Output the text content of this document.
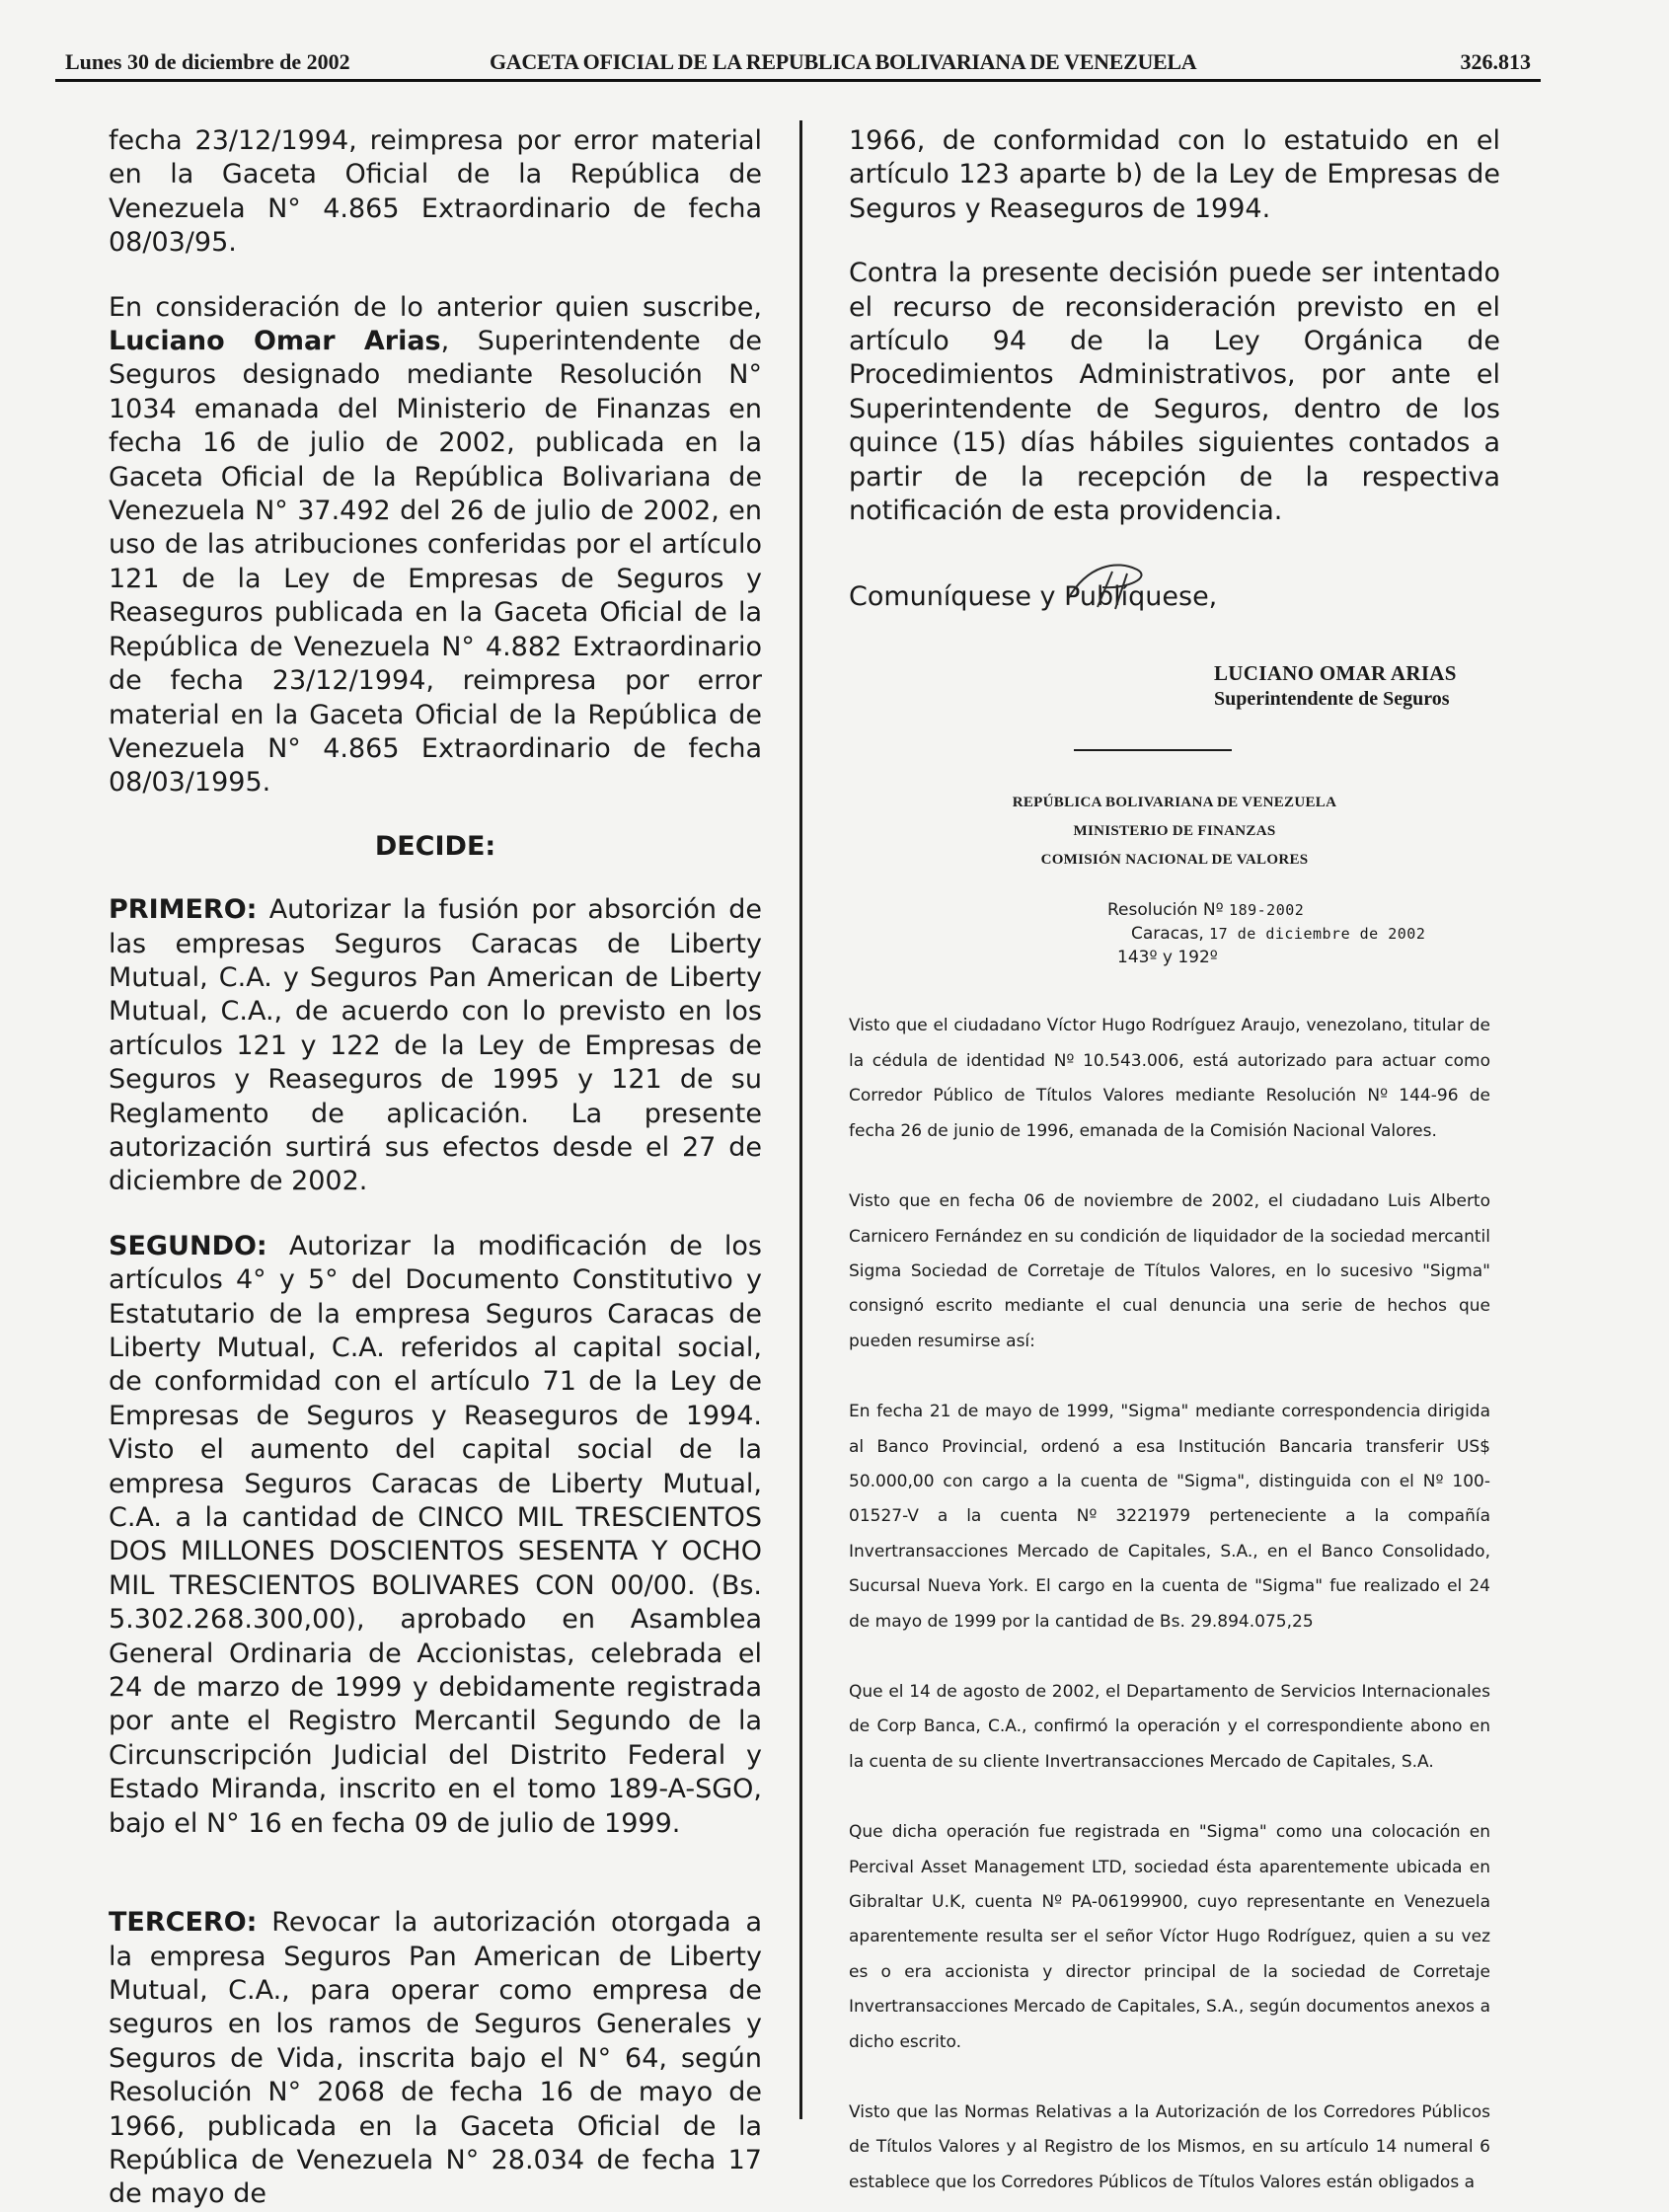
Lunes 30 de diciembre de 2002	GACETA OFICIAL DE LA REPUBLICA BOLIVARIANA DE VENEZUELA	326.813

fecha 23/12/1994, reimpresa por error material en la Gaceta Oficial de la República de Venezuela N° 4.865 Extraordinario de fecha 08/03/95.

En consideración de lo anterior quien suscribe, Luciano Omar Arias, Superintendente de Seguros designado mediante Resolución N° 1034 emanada del Ministerio de Finanzas en fecha 16 de julio de 2002, publicada en la Gaceta Oficial de la República Bolivariana de Venezuela N° 37.492 del 26 de julio de 2002, en uso de las atribuciones conferidas por el artículo 121 de la Ley de Empresas de Seguros y Reaseguros publicada en la Gaceta Oficial de la República de Venezuela N° 4.882 Extraordinario de fecha 23/12/1994, reimpresa por error material en la Gaceta Oficial de la República de Venezuela N° 4.865 Extraordinario de fecha 08/03/1995.

DECIDE:

PRIMERO: Autorizar la fusión por absorción de las empresas Seguros Caracas de Liberty Mutual, C.A. y Seguros Pan American de Liberty Mutual, C.A., de acuerdo con lo previsto en los artículos 121 y 122 de la Ley de Empresas de Seguros y Reaseguros de 1995 y 121 de su Reglamento de aplicación. La presente autorización surtirá sus efectos desde el 27 de diciembre de 2002.

SEGUNDO: Autorizar la modificación de los artículos 4° y 5° del Documento Constitutivo y Estatutario de la empresa Seguros Caracas de Liberty Mutual, C.A. referidos al capital social, de conformidad con el artículo 71 de la Ley de Empresas de Seguros y Reaseguros de 1994. Visto el aumento del capital social de la empresa Seguros Caracas de Liberty Mutual, C.A. a la cantidad de CINCO MIL TRESCIENTOS DOS MILLONES DOSCIENTOS SESENTA Y OCHO MIL TRESCIENTOS BOLIVARES CON 00/00. (Bs. 5.302.268.300,00), aprobado en Asamblea General Ordinaria de Accionistas, celebrada el 24 de marzo de 1999 y debidamente registrada por ante el Registro Mercantil Segundo de la Circunscripción Judicial del Distrito Federal y Estado Miranda, inscrito en el tomo 189-A-SGO, bajo el N° 16 en fecha 09 de julio de 1999.

TERCERO: Revocar la autorización otorgada a la empresa Seguros Pan American de Liberty Mutual, C.A., para operar como empresa de seguros en los ramos de Seguros Generales y Seguros de Vida, inscrita bajo el N° 64, según Resolución N° 2068 de fecha 16 de mayo de 1966, publicada en la Gaceta Oficial de la República de Venezuela N° 28.034 de fecha 17 de mayo de

1966, de conformidad con lo estatuido en el artículo 123 aparte b) de la Ley de Empresas de Seguros y Reaseguros de 1994.

Contra la presente decisión puede ser intentado el recurso de reconsideración previsto en el artículo 94 de la Ley Orgánica de Procedimientos Administrativos, por ante el Superintendente de Seguros, dentro de los quince (15) días hábiles siguientes contados a partir de la recepción de la respectiva notificación de esta providencia.

Comuníquese y Publíquese,

LUCIANO OMAR ARIAS
Superintendente de Seguros
REPÚBLICA BOLIVARIANA DE VENEZUELA
MINISTERIO DE FINANZAS
COMISIÓN NACIONAL DE VALORES
Resolución Nº 189-2002
Caracas, 17 de diciembre de 2002
143º y 192º

Visto que el ciudadano Víctor Hugo Rodríguez Araujo, venezolano, titular de la cédula de identidad Nº 10.543.006, está autorizado para actuar como Corredor Público de Títulos Valores mediante Resolución Nº 144-96 de fecha 26 de junio de 1996, emanada de la Comisión Nacional Valores.

Visto que en fecha 06 de noviembre de 2002, el ciudadano Luis Alberto Carnicero Fernández en su condición de liquidador de la sociedad mercantil Sigma Sociedad de Corretaje de Títulos Valores, en lo sucesivo "Sigma" consignó escrito mediante el cual denuncia una serie de hechos que pueden resumirse así:

En fecha 21 de mayo de 1999, "Sigma" mediante correspondencia dirigida al Banco Provincial, ordenó a esa Institución Bancaria transferir US$ 50.000,00 con cargo a la cuenta de "Sigma", distinguida con el Nº 100-01527-V a la cuenta Nº 3221979 perteneciente a la compañía Invertransacciones Mercado de Capitales, S.A., en el Banco Consolidado, Sucursal Nueva York. El cargo en la cuenta de "Sigma" fue realizado el 24 de mayo de 1999 por la cantidad de Bs. 29.894.075,25

Que el 14 de agosto de 2002, el Departamento de Servicios Internacionales de Corp Banca, C.A., confirmó la operación y el correspondiente abono en la cuenta de su cliente Invertransacciones Mercado de Capitales, S.A.

Que dicha operación fue registrada en "Sigma" como una colocación en Percival Asset Management LTD, sociedad ésta aparentemente ubicada en Gibraltar U.K, cuenta Nº PA-06199900, cuyo representante en Venezuela aparentemente resulta ser el señor Víctor Hugo Rodríguez, quien a su vez es o era accionista y director principal de la sociedad de Corretaje Invertransacciones Mercado de Capitales, S.A., según documentos anexos a dicho escrito.

Visto que las Normas Relativas a la Autorización de los Corredores Públicos de Títulos Valores y al Registro de los Mismos, en su artículo 14 numeral 6 establece que los Corredores Públicos de Títulos Valores están obligados a
